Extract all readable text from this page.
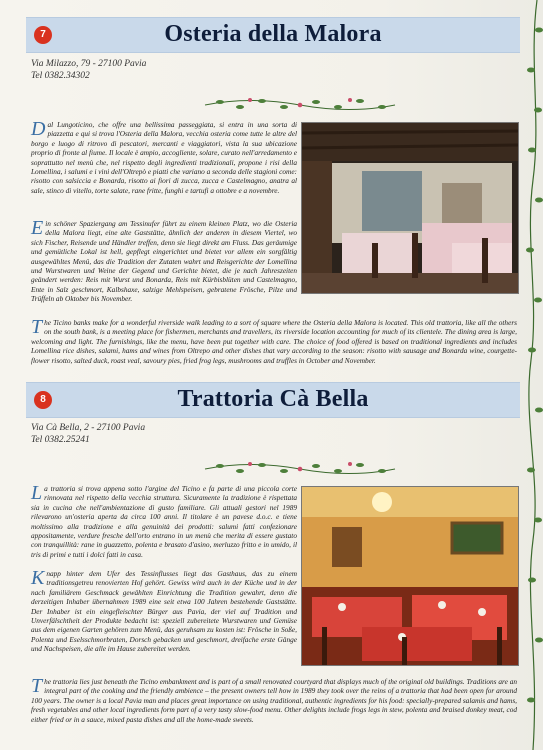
7	Osteria della Malora
Via Milazzo, 79 - 27100 Pavia
Tel 0382.34302
Dal Lungoticino, che offre una bellissima passeggiata, si entra in una sorta di piazzetta e qui si trova l'Osteria della Malora, vecchia osteria come tutte le altre del borgo e luogo di ritrovo di pescatori, mercanti e viaggiatori, vista la sua ubicazione proprio di fronte al fiume. Il locale è ampio, accogliente, solare, curato nell'arredamento e soprattutto nel menù che, nel rispetto degli ingredienti tradizionali, propone i risi della Lomellina, i salumi e i vini dell'Oltrepò e piatti che variano a seconda delle stagioni come: risotto con salsiccia e Bonarda, risotto ai fiori di zucca, zucca e Castelmagno, anatra al sale, stinco di vitello, torte salate, rane fritte, funghi e tartufi a ottobre e a novembre.
Ein schöner Spaziergang am Tessinufer führt zu einem kleinen Platz, wo die Osteria della Malora liegt, eine alte Gaststätte, ähnlich der anderen in diesem Viertel, wo sich Fischer, Reisende und Händler treffen, denn sie liegt direkt am Fluss. Das geräumige und gemütliche Lokal ist hell, gepflegt eingerichtet und bietet vor allem ein sorgfältig ausgewähltes Menü, das die Tradition der Zutaten wahrt und Reisgerichte der Lomellina und Wurstwaren und Weine der Gegend und Gerichte bietet, die je nach Jahreszeiten geändert werden: Reis mit Wurst und Bonarda, Reis mit Kürbisblüten und Castelmagno, Ente in Salz geschmort, Kalbshaxe, salzige Mehlspeisen, gebratene Frösche, Pilze und Trüffeln ab Oktober bis November.
The Ticino banks make for a wonderful riverside walk leading to a sort of square where the Osteria della Malora is located. This old trattoria, like all the others on the south bank, is a meeting place for fishermen, merchants and travellers, its riverside location accounting for much of its clientele. The dining area is large, welcoming and light. The furnishings, like the menu, have been put together with care. The choice of food offered is based on traditional ingredients and includes Lomellina rice dishes, salami, hams and wines from Oltrepo and other dishes that vary according to the season: risotto with sausage and Bonarda wine, courgette-flower risotto, salted duck, roast veal, savoury pies, fried frog legs, mushrooms and truffles in October and November.
8	Trattoria Cà Bella
Via Cà Bella, 2 - 27100 Pavia
Tel 0382.25241
La trattoria si trova appena sotto l'argine del Ticino e fa parte di una piccola corte rinnovata nel rispetto della vecchia struttura. Sicuramente la tradizione è rispettata sia in cucina che nell'ambientazione di gusto familiare. Gli attuali gestori nel 1989 rilevarono un'osteria aperta da circa 100 anni. Il titolare è un pavese d.o.c. e tiene moltissimo alla tradizione e alla genuinità dei prodotti: salumi fatti confezionare appositamente, verdure fresche dell'orto entrano in un menù che merita di essere gustato con tranquillità: rane in guazzetto, polenta e brasato d'asino, merluzzo fritto e in umido, il tris di primi e tutti i dolci fatti in casa.
Knapp hinter dem Ufer des Tessinflusses liegt das Gasthaus, das zu einem traditionsgetreu renovierten Hof gehört. Gewiss wird auch in der Küche und in der nach familiärem Geschmack gewählten Einrichtung die Tradition gewahrt, denn die derzeitigen Inhaber übernahmen 1989 eine seit etwa 100 Jahren bestehende Gaststätte. Der Inhaber ist ein eingefleischter Bürger aus Pavia, der viel auf Tradition und Unverfälschtheit der Produkte bedacht ist: speziell zubereitete Wurstwaren und Gemüse aus dem eigenen Garten gehören zum Menü, das geruhsam zu kosten ist: Frösche in Soße, Polenta und Eselsschmorbraten, Dorsch gebacken und geschmort, dreifache erste Gänge und Nachspeisen, die alle im Hause zubereitet werden.
The trattoria lies just beneath the Ticino embankment and is part of a small renovated courtyard that displays much of the original old buildings. Traditions are an integral part of the cooking and the friendly ambience – the present owners tell how in 1989 they took over the reins of a trattoria that had been open for around 100 years. The owner is a local Pavia man and places great importance on using traditional, authentic ingredients for his food: specially-prepared salamis and hams, fresh vegetables and other local ingredients form part of a very tasty slow-food menu. Other delights include frogs legs in stew, polenta and braised donkey meat, cod either fried or in a sauce, mixed pasta dishes and all the home-made sweets.
